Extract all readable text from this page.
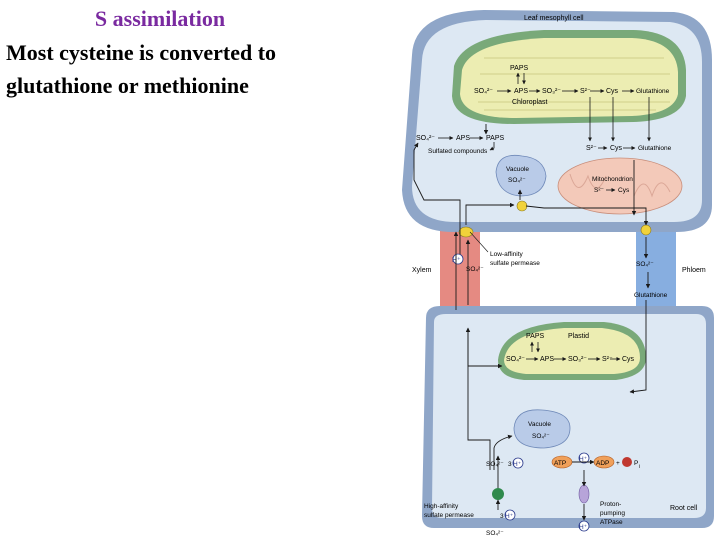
S assimilation

Most cysteine is converted to

glutathione or methionine

PAPS
SO₄²⁻	APS SO₃²⁻	S²⁻ Cys	Glutathione
Chloroplast
SO₄²⁻	APS PAPS
Sulfated compounds	S²⁻ Cys Glutathione
Vacuole
SO₄²⁻	Mitochondrion
S²⁻ Cys
Leaf mesophyll cell
Xylem
H⁺
SO₄²⁻
Low-affinity
sulfate permease	SO₄²⁻
Phloem
Glutathione
PAPS	Plastid
SO₄²⁻ APS SO₃²⁻ S²⁻ Cys
Vacuole
SO₄²⁻
SO₄²⁻ 3 H⁺	ATP
H⁺
ADP + P i
High-affinity
sulfate permease
Proton-
pumping
ATPase
Root cell
3 H⁺
SO₄²⁻
H⁺
